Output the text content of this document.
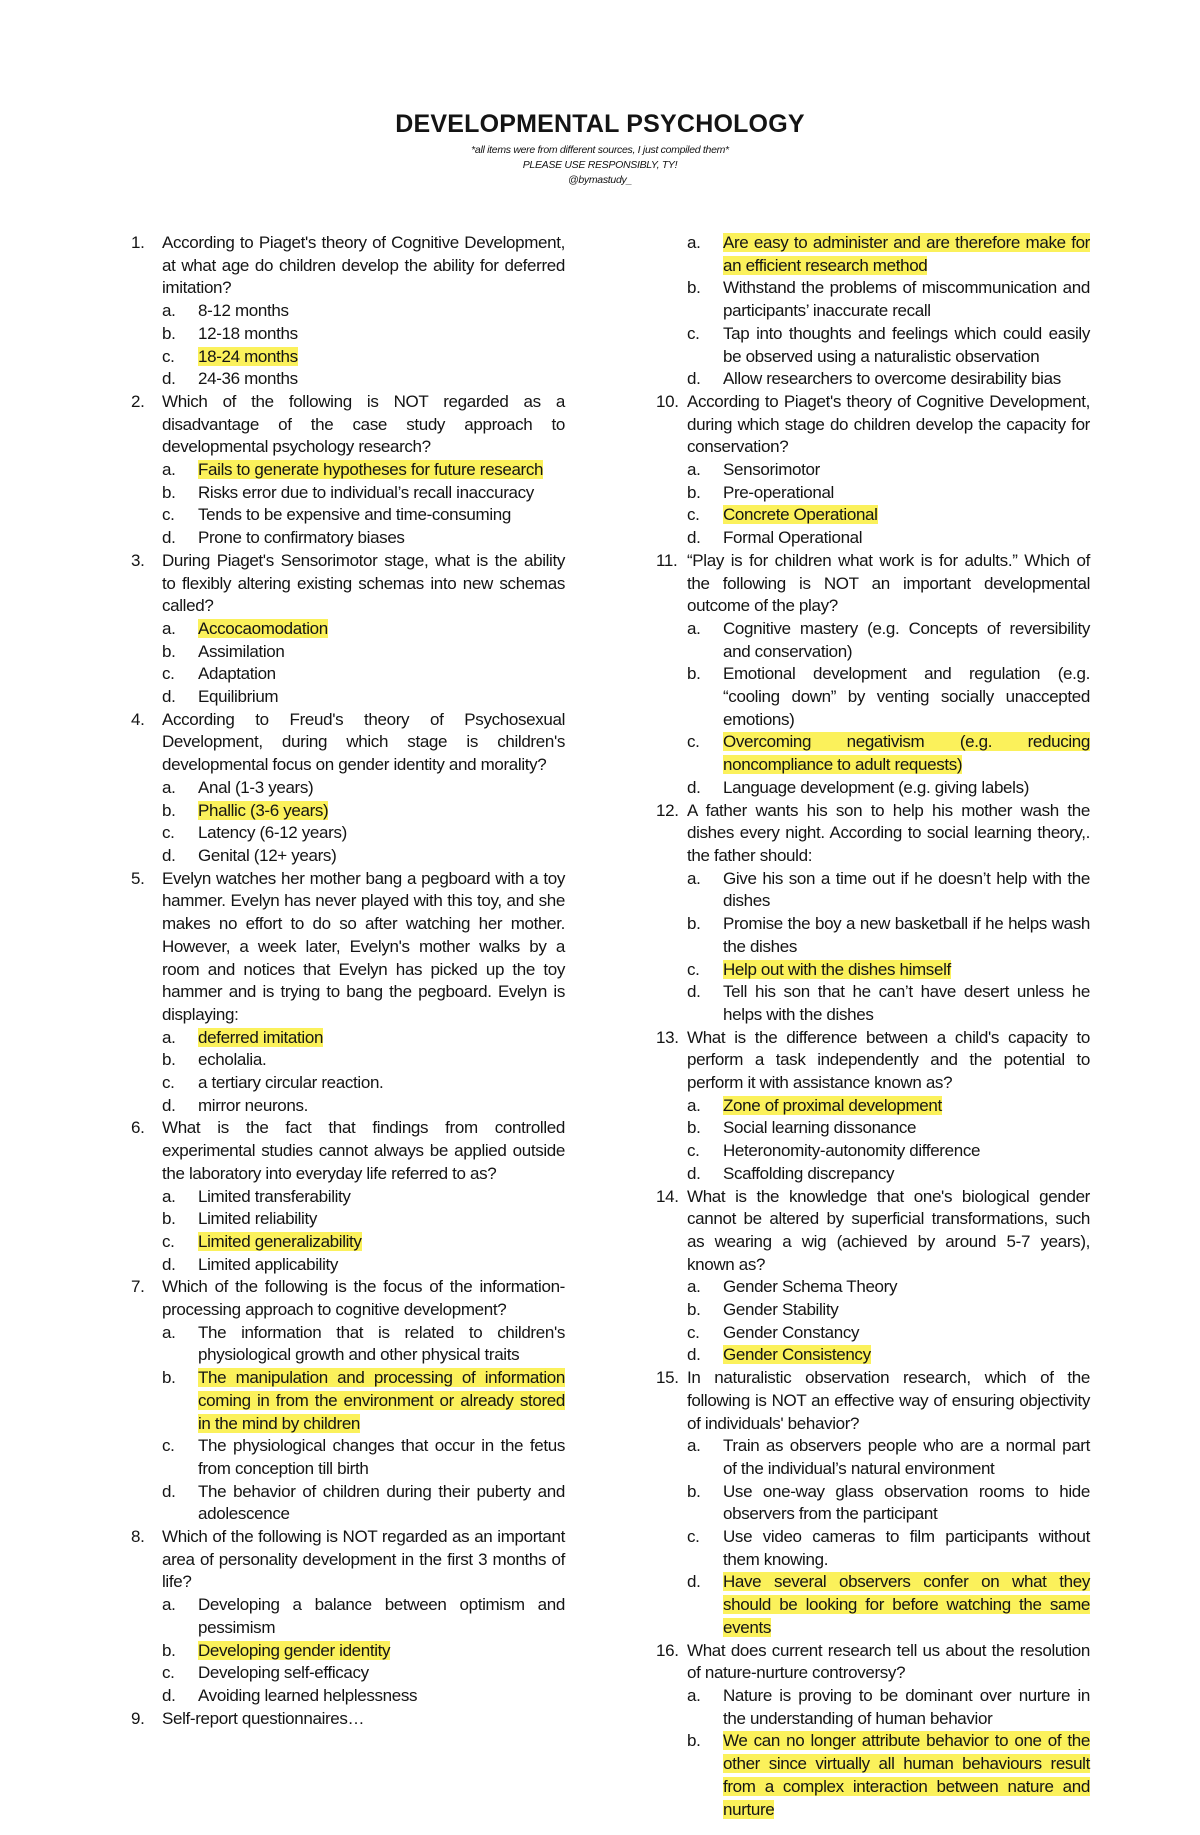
DEVELOPMENTAL PSYCHOLOGY
*all items were from different sources, I just compiled them*
PLEASE USE RESPONSIBLY, TY!
@bymastudy_
1.	According to Piaget's theory of Cognitive Development, at what age do children develop the ability for deferred imitation?
a.	8-12 months
b.	12-18 months
c.	18-24 months
d.	24-36 months
2.	Which of the following is NOT regarded as a disadvantage of the case study approach to developmental psychology research?
a.	Fails to generate hypotheses for future research
b.	Risks error due to individual’s recall inaccuracy
c.	Tends to be expensive and time-consuming
d.	Prone to confirmatory biases
3.	During Piaget's Sensorimotor stage, what is the ability to flexibly altering existing schemas into new schemas called?
a.	Accocaomodation
b.	Assimilation
c.	Adaptation
d.	Equilibrium
4.	According to Freud's theory of Psychosexual Development, during which stage is children's developmental focus on gender identity and morality?
a.	Anal (1-3 years)
b.	Phallic (3-6 years)
c.	Latency (6-12 years)
d.	Genital (12+ years)
5.	Evelyn watches her mother bang a pegboard with a toy hammer. Evelyn has never played with this toy, and she makes no effort to do so after watching her mother. However, a week later, Evelyn's mother walks by a room and notices that Evelyn has picked up the toy hammer and is trying to bang the pegboard. Evelyn is displaying:
a.	deferred imitation
b.	echolalia.
c.	a tertiary circular reaction.
d.	mirror neurons.
6.	What is the fact that findings from controlled experimental studies cannot always be applied outside the laboratory into everyday life referred to as?
a.	Limited transferability
b.	Limited reliability
c.	Limited generalizability
d.	Limited applicability
7.	Which of the following is the focus of the information-processing approach to cognitive development?
a.	The information that is related to children's physiological growth and other physical traits
b.	The manipulation and processing of information coming in from the environment or already stored in the mind by children
c.	The physiological changes that occur in the fetus from conception till birth
d.	The behavior of children during their puberty and adolescence
8.	Which of the following is NOT regarded as an important area of personality development in the first 3 months of life?
a.	Developing a balance between optimism and pessimism
b.	Developing gender identity
c.	Developing self-efficacy
d.	Avoiding learned helplessness
9.	Self-report questionnaires…
a.	Are easy to administer and are therefore make for an efficient research method
b.	Withstand the problems of miscommunication and participants’ inaccurate recall
c.	Tap into thoughts and feelings which could easily be observed using a naturalistic observation
d.	Allow researchers to overcome desirability bias
10. According to Piaget's theory of Cognitive Development, during which stage do children develop the capacity for conservation?
a.	Sensorimotor
b.	Pre-operational
c.	Concrete Operational
d.	Formal Operational
11. “Play is for children what work is for adults.” Which of the following is NOT an important developmental outcome of the play?
a.	Cognitive mastery (e.g. Concepts of reversibility and conservation)
b.	Emotional development and regulation (e.g. “cooling down” by venting socially unaccepted emotions)
c.	Overcoming negativism (e.g. reducing noncompliance to adult requests)
d.	Language development (e.g. giving labels)
12. A father wants his son to help his mother wash the dishes every night. According to social learning theory,. the father should:
a.	Give his son a time out if he doesn’t help with the dishes
b.	Promise the boy a new basketball if he helps wash the dishes
c.	Help out with the dishes himself
d.	Tell his son that he can’t have desert unless he helps with the dishes
13. What is the difference between a child's capacity to perform a task independently and the potential to perform it with assistance known as?
a.	Zone of proximal development
b.	Social learning dissonance
c.	Heteronomity-autonomity difference
d.	Scaffolding discrepancy
14. What is the knowledge that one's biological gender cannot be altered by superficial transformations, such as wearing a wig (achieved by around 5-7 years), known as?
a.	Gender Schema Theory
b.	Gender Stability
c.	Gender Constancy
d.	Gender Consistency
15. In naturalistic observation research, which of the following is NOT an effective way of ensuring objectivity of individuals' behavior?
a.	Train as observers people who are a normal part of the individual’s natural environment
b.	Use one-way glass observation rooms to hide observers from the participant
c.	Use video cameras to film participants without them knowing.
d.	Have several observers confer on what they should be looking for before watching the same events
16. What does current research tell us about the resolution of nature-nurture controversy?
a.	Nature is proving to be dominant over nurture in the understanding of human behavior
b.	We can no longer attribute behavior to one of the other since virtually all human behaviours result from a complex interaction between nature and nurture
